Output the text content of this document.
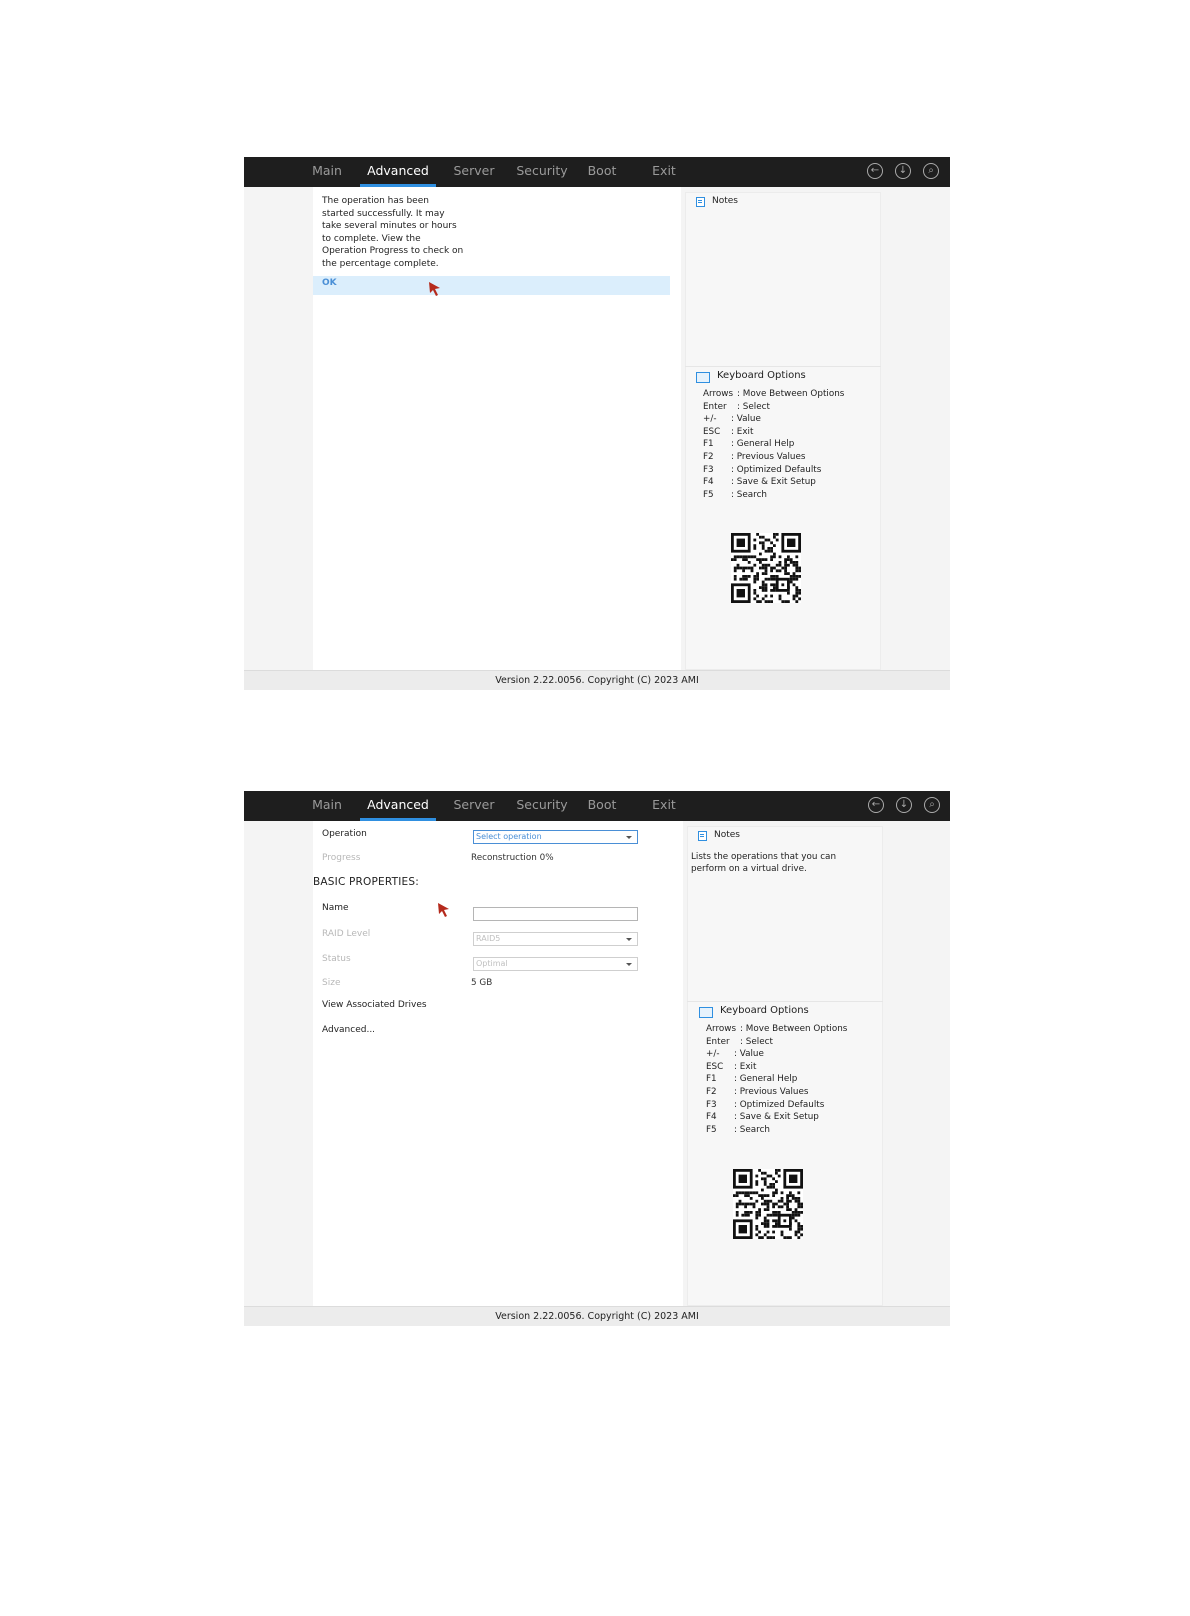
Main	Advanced	Server	Security	Boot	Exit	←	↓	⌕
The operation has been
started successfully. It may
take several minutes or hours
to complete. View the
Operation Progress to check on
the percentage complete.
OK
Notes
Keyboard Options
Arrows : Move Between Options
Enter : Select
+/- : Value
ESC : Exit
F1 : General Help
F2 : Previous Values
F3 : Optimized Defaults
F4 : Save & Exit Setup
F5 : Search
Version 2.22.0056. Copyright (C) 2023 AMI
Main	Advanced	Server	Security	Boot	Exit	←	↓	⌕
Operation	Select operation
Progress	Reconstruction 0%
BASIC PROPERTIES:
Name
RAID Level	RAID5
Status	Optimal
Size	5 GB
View Associated Drives
Advanced...
Notes
Lists the operations that you can
perform on a virtual drive.
Keyboard Options
Arrows : Move Between Options
Enter : Select
+/- : Value
ESC : Exit
F1 : General Help
F2 : Previous Values
F3 : Optimized Defaults
F4 : Save & Exit Setup
F5 : Search
Version 2.22.0056. Copyright (C) 2023 AMI
